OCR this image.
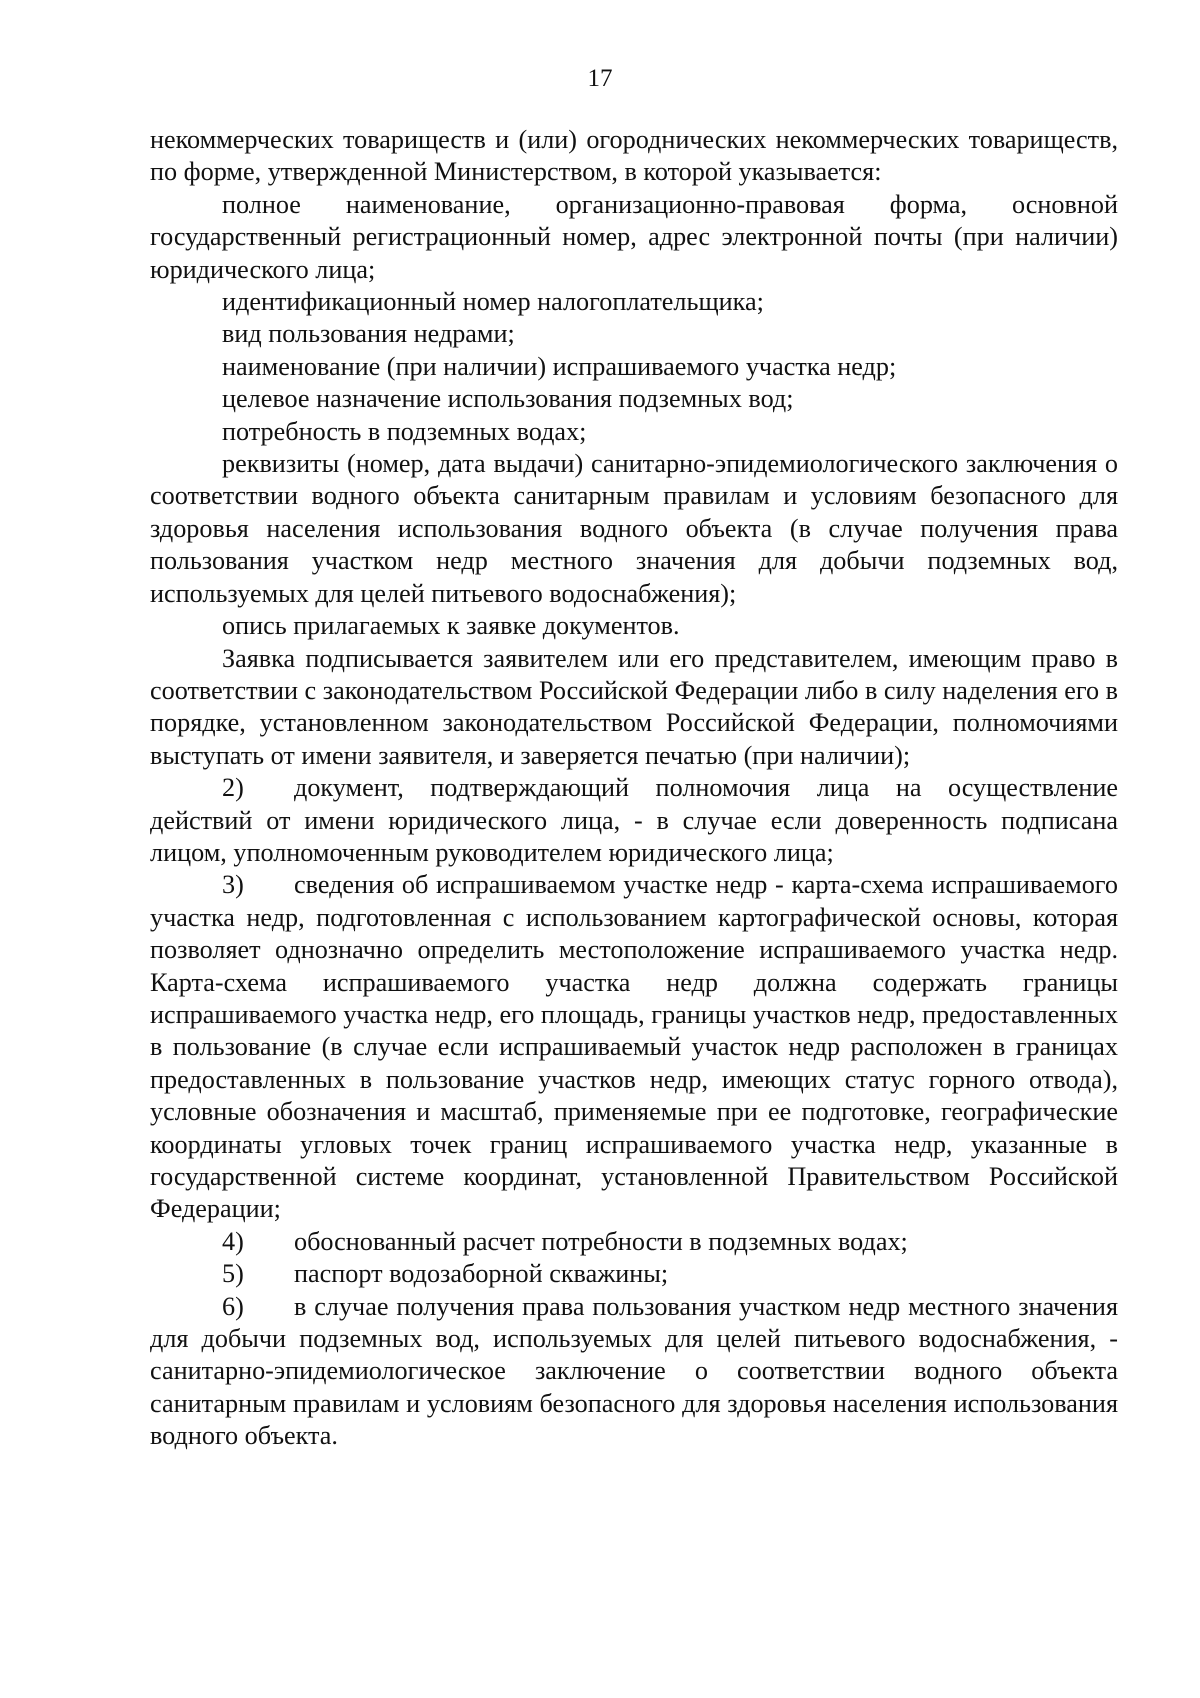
17

некоммерческих товариществ и (или) огороднических некоммерческих товариществ, по форме, утвержденной Министерством, в которой указывается:

полное наименование, организационно-правовая форма, основной государственный регистрационный номер, адрес электронной почты (при наличии) юридического лица;

идентификационный номер налогоплательщика;

вид пользования недрами;

наименование (при наличии) испрашиваемого участка недр;

целевое назначение использования подземных вод;

потребность в подземных водах;

реквизиты (номер, дата выдачи) санитарно-эпидемиологического заключения о соответствии водного объекта санитарным правилам и условиям безопасного для здоровья населения использования водного объекта (в случае получения права пользования участком недр местного значения для добычи подземных вод, используемых для целей питьевого водоснабжения);

опись прилагаемых к заявке документов.

Заявка подписывается заявителем или его представителем, имеющим право в соответствии с законодательством Российской Федерации либо в силу наделения его в порядке, установленном законодательством Российской Федерации, полномочиями выступать от имени заявителя, и заверяется печатью (при наличии);

2) документ, подтверждающий полномочия лица на осуществление действий от имени юридического лица, - в случае если доверенность подписана лицом, уполномоченным руководителем юридического лица;

3) сведения об испрашиваемом участке недр - карта-схема испрашиваемого участка недр, подготовленная с использованием картографической основы, которая позволяет однозначно определить местоположение испрашиваемого участка недр. Карта-схема испрашиваемого участка недр должна содержать границы испрашиваемого участка недр, его площадь, границы участков недр, предоставленных в пользование (в случае если испрашиваемый участок недр расположен в границах предоставленных в пользование участков недр, имеющих статус горного отвода), условные обозначения и масштаб, применяемые при ее подготовке, географические координаты угловых точек границ испрашиваемого участка недр, указанные в государственной системе координат, установленной Правительством Российской Федерации;

4) обоснованный расчет потребности в подземных водах;

5) паспорт водозаборной скважины;

6) в случае получения права пользования участком недр местного значения для добычи подземных вод, используемых для целей питьевого водоснабжения, - санитарно-эпидемиологическое заключение о соответствии водного объекта санитарным правилам и условиям безопасного для здоровья населения использования водного объекта.
